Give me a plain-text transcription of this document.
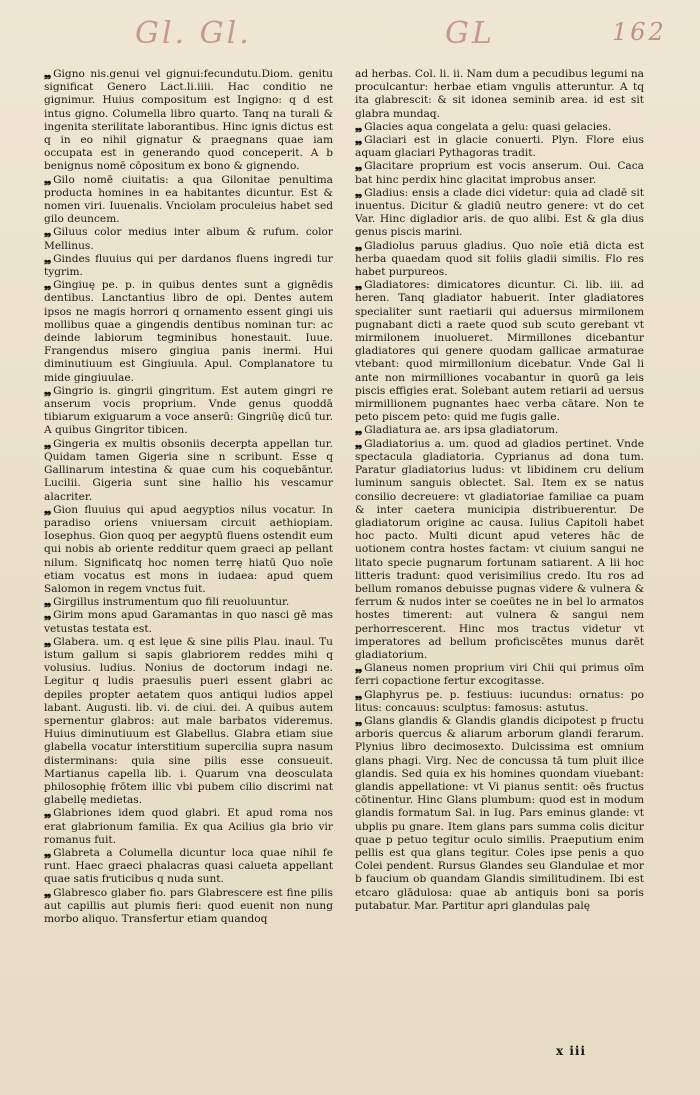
Gl. Gl.	GL	162

❠ Gigno nis.genui vel gignui:fecundutu.Diom. genitu significat Genero Lact.li.iiii. Hac conditio ne gignimur. Huius compositum est Ingigno: q d est intus gigno. Columella libro quarto. Tanq na turali & ingenita sterilitate laborantibus. Hinc ignis dictus est q in eo nihil gignatur & praegnans quae iam occupata est in generando quod conceperit. A b benignus nomē cōpositum ex bono & gignendo.

❠ Gilo nomē ciuitatis: a qua Gilonitae penultima producta homines in ea habitantes dicuntur. Est & nomen viri. Iuuenalis. Vnciolam proculeius habet sed gilo deuncem.

❠ Giluus color medius inter album & rufum. color Mellinus.

❠ Gindes fluuius qui per dardanos fluens ingredi tur tygrim.

❠ Gingiuę pe. p. in quibus dentes sunt a gignēdis dentibus. Lanctantius libro de opi. Dentes autem ipsos ne magis horrori q ornamento essent gingi uis mollibus quae a gingendis dentibus nominan tur: ac deinde labiorum tegminibus honestauit. Iuue. Frangendus misero gingiua panis inermi. Hui diminutiuum est Gingiuula. Apul. Complanatore tu mide gingiuulae.

❠ Gingrio is. gingrii gingritum. Est autem gingri re anserum vocis proprium. Vnde genus quoddā tibiarum exiguarum a voce anserū: Gingriūę dicū tur. A quibus Gingritor tibicen.

❠ Gingeria ex multis obsoniis decerpta appellan tur. Quidam tamen Gigeria sine n scribunt. Esse q Gallinarum intestina & quae cum his coquebāntur. Lucilii. Gigeria sunt sine hallio his vescamur alacriter.

❠ Gion fluuius qui apud aegyptios nilus vocatur. In paradiso oriens vniuersam circuit aethiopiam. Iosephus. Gion quoq per aegyptū fluens ostendit eum qui nobis ab oriente redditur quem graeci ap pellant nilum. Significatq hoc nomen terrę hiatū Quo noīe etiam vocatus est mons in iudaea: apud quem Salomon in regem vnctus fuit.

❠ Girgillus instrumentum quo fili reuoluuntur.

❠ Girim mons apud Garamantas in quo nasci gē mas vetustas testata est.

❠ Glabera. um. q est lęue & sine pilis Plau. inaul. Tu istum gallum si sapis glabriorem reddes mihi q volusius. ludius. Nonius de doctorum indagi ne. Legitur q ludis praesulis pueri essent glabri ac depiles propter aetatem quos antiqui ludios appel labant. Augusti. lib. vi. de ciui. dei. A quibus autem spernentur glabros: aut male barbatos videremus. Huius diminutiuum est Glabellus. Glabra etiam siue glabella vocatur interstitium supercilia supra nasum disterminans: quia sine pilis esse consueuit. Martianus capella lib. i. Quarum vna deosculata philosophię frōtem illic vbi pubem cilio discrimi nat glabellę medietas.

❠ Glabriones idem quod glabri. Et apud roma nos erat glabrionum familia. Ex qua Acilius gla brio vir romanus fuit.

❠ Glabreta a Columella dicuntur loca quae nihil fe runt. Haec graeci phalacras quasi calueta appellant quae satis fruticibus q nuda sunt.

❠ Glabresco glaber fio. pars Glabrescere est fine pilis aut capillis aut plumis fieri: quod euenit non nung morbo aliquo. Transfertur etiam quandoq

ad herbas. Col. li. ii. Nam dum a pecudibus legumi na proculcantur: herbae etiam vngulis atteruntur. A tq ita glabrescit: & sit idonea seminib area. id est sit glabra mundaq.

❠ Glacies aqua congelata a gelu: quasi gelacies.

❠ Glaciari est in glacie conuerti. Plyn. Flore eius aquam glaciari Pythagoras tradit.

❠ Glacitare proprium est vocis anserum. Oui. Caca bat hinc perdix hinc glacitat improbus anser.

❠ Gladius: ensis a clade dici videtur: quia ad cladē sit inuentus. Dicitur & gladiū neutro genere: vt do cet Var. Hinc digladior aris. de quo alibi. Est & gla dius genus piscis marini.

❠ Gladiolus paruus gladius. Quo noīe etiā dicta est herba quaedam quod sit foliis gladii similis. Flo res habet purpureos.

❠ Gladiatores: dimicatores dicuntur. Ci. lib. iii. ad heren. Tanq gladiator habuerit. Inter gladiatores specialiter sunt raetiarii qui aduersus mirmilonem pugnabant dicti a raete quod sub scuto gerebant vt mirmilonem inuolueret. Mirmillones dicebantur gladiatores qui genere quodam gallicae armaturae vtebant: quod mirmillonium dicebatur. Vnde Gal li ante non mirmilliones vocabantur in quorū ga leis piscis effigies erat. Solebant autem retiarii ad uersus mirmillionem pugnantes haec verba cātare. Non te peto piscem peto: quid me fugis galle.

❠ Gladiatura ae. ars ipsa gladiatorum.

❠ Gladiatorius a. um. quod ad gladios pertinet. Vnde spectacula gladiatoria. Cyprianus ad dona tum. Paratur gladiatorius ludus: vt libidinem cru delium luminum sanguis oblectet. Sal. Item ex se natus consilio decreuere: vt gladiatoriae familiae ca puam & inter caetera municipia distribuerentur. De gladiatorum origine ac causa. Iulius Capitoli habet hoc pacto. Multi dicunt apud veteres hāc de uotionem contra hostes factam: vt ciuium sangui ne litato specie pugnarum fortunam satiarent. A lii hoc litteris tradunt: quod verisimilius credo. Itu ros ad bellum romanos debuisse pugnas videre & vulnera & ferrum & nudos inter se coeūtes ne in bel lo armatos hostes timerent: aut vulnera & sangui nem perhorrescerent. Hinc mos tractus videtur vt imperatores ad bellum proficiscētes munus darēt gladiatorium.

❠ Glaneus nomen proprium viri Chii qui primus oīm ferri copactione fertur excogitasse.

❠ Glaphyrus pe. p. festiuus: iucundus: ornatus: po litus: concauus: sculptus: famosus: astutus.

❠ Glans glandis & Glandis glandis dicipotest p fructu arboris quercus & aliarum arborum glandi ferarum. Plynius libro decimosexto. Dulcissima est omnium glans phagi. Virg. Nec de concussa tā tum pluit ilice glandis. Sed quia ex his homines quondam viuebant: glandis appellatione: vt Vi pianus sentit: oēs fructus cōtinentur. Hinc Glans plumbum: quod est in modum glandis formatum Sal. in Iug. Pars eminus glande: vt ubplis pu gnare. Item glans pars summa colis dicitur quae p petuo tegitur oculo similis. Praeputium enim pellis est qua glans tegitur. Coles ipse penis a quo Colei pendent. Rursus Glandes seu Glandulae et mor b faucium ob quandam Glandis similitudinem. Ibi est etcaro glādulosa: quae ab antiquis boni sa poris putabatur. Mar. Partitur apri glandulas palę

x iii
